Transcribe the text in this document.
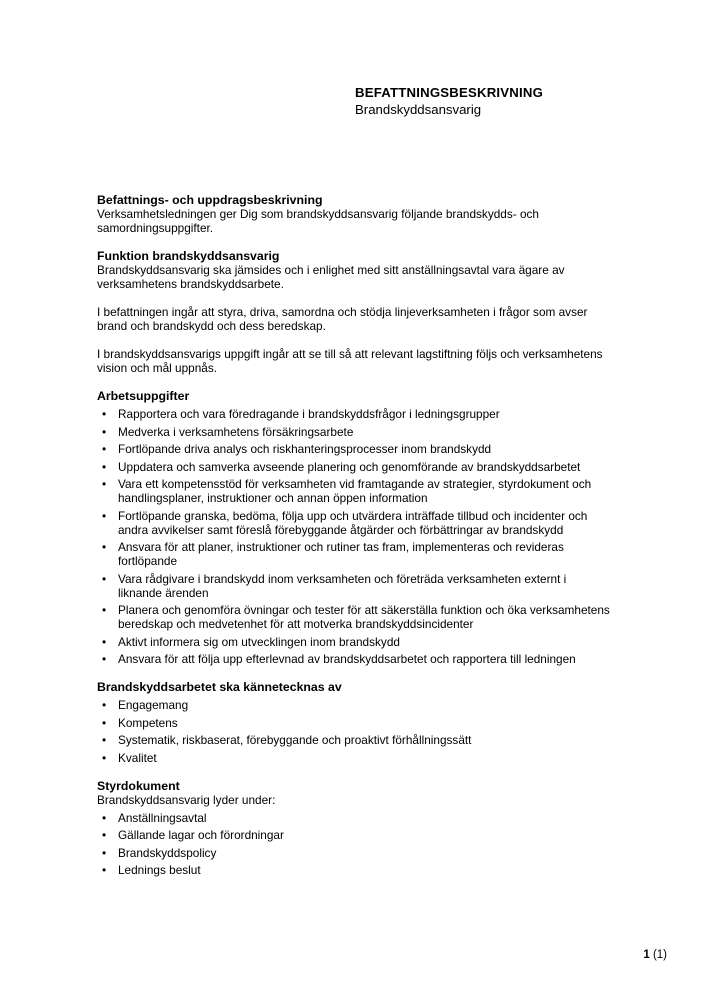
BEFATTNINGSBESKRIVNING
Brandskyddsansvarig
Befattnings- och uppdragsbeskrivning

Verksamhetsledningen ger Dig som brandskyddsansvarig följande brandskydds- och samordningsuppgifter.

Funktion brandskyddsansvarig

Brandskyddsansvarig ska jämsides och i enlighet med sitt anställningsavtal vara ägare av verksamhetens brandskyddsarbete.

I befattningen ingår att styra, driva, samordna och stödja linjeverksamheten i frågor som avser brand och brandskydd och dess beredskap.

I brandskyddsansvarigs uppgift ingår att se till så att relevant lagstiftning följs och verksamhetens vision och mål uppnås.

Arbetsuppgifter
• Rapportera och vara föredragande i brandskyddsfrågor i ledningsgrupper
• Medverka i verksamhetens försäkringsarbete
• Fortlöpande driva analys och riskhanteringsprocesser inom brandskydd
• Uppdatera och samverka avseende planering och genomförande av brandskyddsarbetet
• Vara ett kompetensstöd för verksamheten vid framtagande av strategier, styrdokument och handlingsplaner, instruktioner och annan öppen information
• Fortlöpande granska, bedöma, följa upp och utvärdera inträffade tillbud och incidenter och andra avvikelser samt föreslå förebyggande åtgärder och förbättringar av brandskydd
• Ansvara för att planer, instruktioner och rutiner tas fram, implementeras och revideras fortlöpande
• Vara rådgivare i brandskydd inom verksamheten och företräda verksamheten externt i liknande ärenden
• Planera och genomföra övningar och tester för att säkerställa funktion och öka verksamhetens beredskap och medvetenhet för att motverka brandskyddsincidenter
• Aktivt informera sig om utvecklingen inom brandskydd
• Ansvara för att följa upp efterlevnad av brandskyddsarbetet och rapportera till ledningen
Brandskyddsarbetet ska kännetecknas av
• Engagemang
• Kompetens
• Systematik, riskbaserat, förebyggande och proaktivt förhållningssätt
• Kvalitet
Styrdokument

Brandskyddsansvarig lyder under:

• Anställningsavtal
• Gällande lagar och förordningar
• Brandskyddspolicy
• Lednings beslut
1 (1)
